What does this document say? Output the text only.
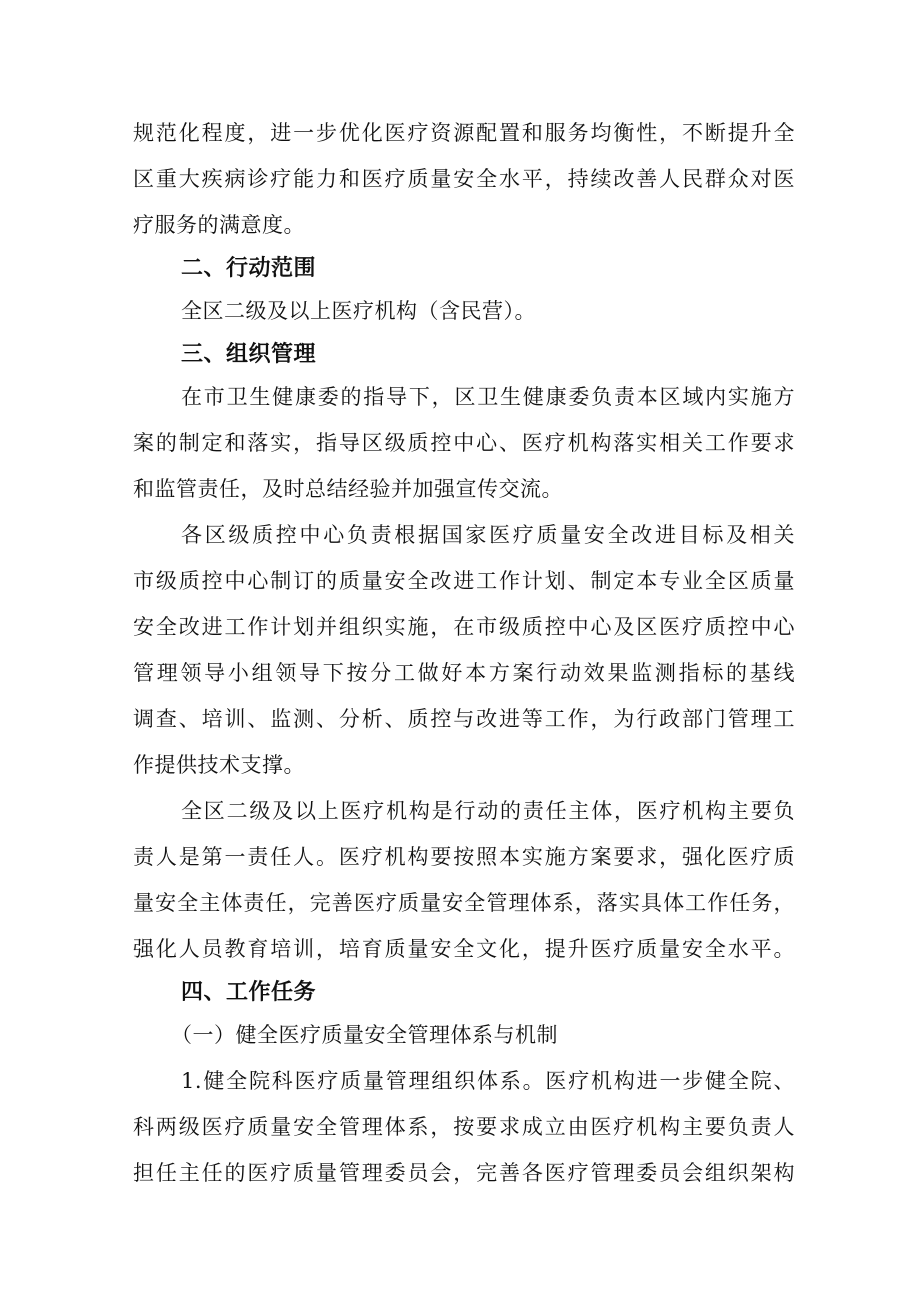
规范化程度，进一步优化医疗资源配置和服务均衡性，不断提升全
区重大疾病诊疗能力和医疗质量安全水平，持续改善人民群众对医
疗服务的满意度。
二、行动范围
全区二级及以上医疗机构（含民营）。
三、组织管理
在市卫生健康委的指导下，区卫生健康委负责本区域内实施方
案的制定和落实，指导区级质控中心、医疗机构落实相关工作要求
和监管责任，及时总结经验并加强宣传交流。
各区级质控中心负责根据国家医疗质量安全改进目标及相关
市级质控中心制订的质量安全改进工作计划、制定本专业全区质量
安全改进工作计划并组织实施，在市级质控中心及区医疗质控中心
管理领导小组领导下按分工做好本方案行动效果监测指标的基线
调查、培训、监测、分析、质控与改进等工作，为行政部门管理工
作提供技术支撑。
全区二级及以上医疗机构是行动的责任主体，医疗机构主要负
责人是第一责任人。医疗机构要按照本实施方案要求，强化医疗质
量安全主体责任，完善医疗质量安全管理体系，落实具体工作任务，
强化人员教育培训，培育质量安全文化，提升医疗质量安全水平。
四、工作任务
（一）健全医疗质量安全管理体系与机制
1.健全院科医疗质量管理组织体系。医疗机构进一步健全院、
科两级医疗质量安全管理体系，按要求成立由医疗机构主要负责人
担任主任的医疗质量管理委员会，完善各医疗管理委员会组织架构
